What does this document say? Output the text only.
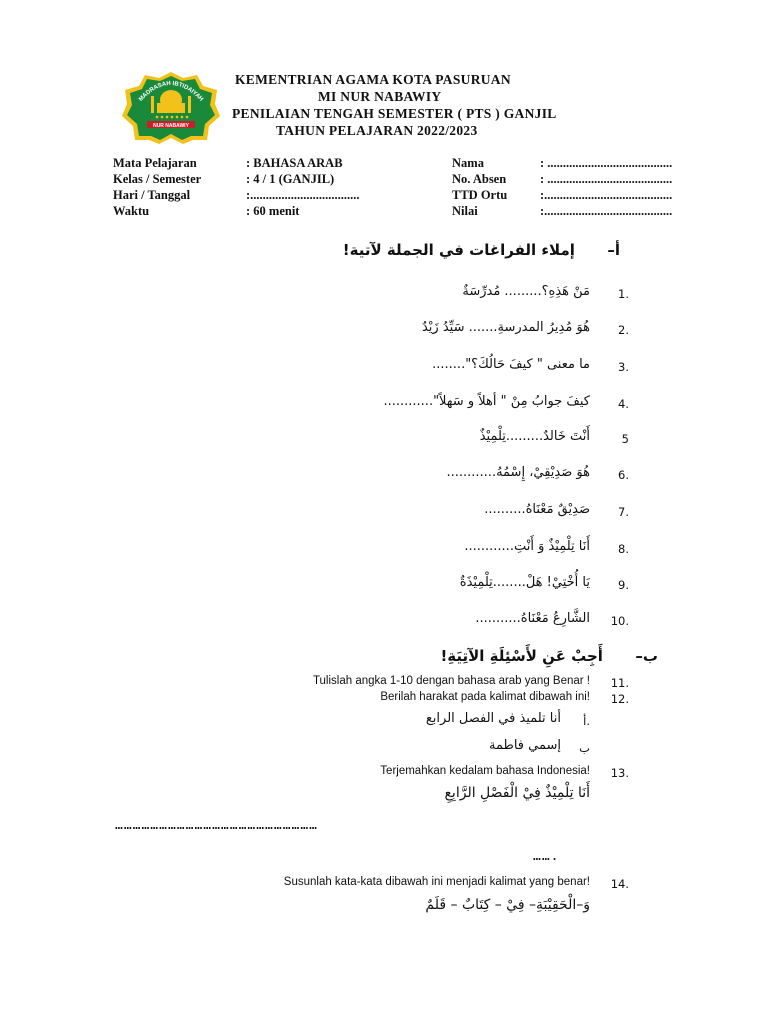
NUR NABAWIY
MADRASAH IBTIDAIYAH
KEMENTRIAN AGAMA KOTA PASURUAN
MI NUR NABAWIY
PENILAIAN TENGAH SEMESTER ( PTS ) GANJIL
TAHUN PELAJARAN 2022/2023
Mata Pelajaran	: BAHASA ARAB
Kelas / Semester	: 4 / 1 (GANJIL)
Hari / Tanggal	:...................................
Waktu	: 60 menit
Nama	: ........................................
No. Absen	: ........................................
TTD Ortu	:.........................................
Nilai	:.........................................
أ–  إملاء الفراغات في الجملة لآتية!
1.
مَنْ هَذِهِ؟......... مُدرِّسَةٌ
2.
هُوَ مُدِيرُ المدرسةِ....... سَيِّدُ زَيْدٌ
3.
ما معنى " كيفَ حَالُكَ؟"........
4.
كيفَ جوابُ مِنْ " أهلاً و سَهلاً"............
5
أَنْتَ خَالدٌ.........تِلْمِيْذٌ
6.
هُوَ صَدِيْقِيْ، إِسْمُهُ............
7.
صَدِيْقٌ مَعْنَاهُ..........
8.
أَنَا تِلْمِيْذٌ وَ أَنْتِ............
9.
يَا أُخْتِيْ! هَلْ........تِلْمِيْذَةٌ
10.
الشَّارِعُ مَعْنَاهُ...........
ب–  أَجِبْ عَنِ لأَسْئِلَةِ الآتِيَةِ!
11.
Tulislah angka 1-10 dengan bahasa arab yang Benar !
12.
Berilah harakat pada kalimat dibawah ini!
أ.
أنا تلميذ في الفصل الرابع
ب
إسمي فاطمة
13.
Terjemahkan kedalam bahasa Indonesia!
أَنَا تِلْمِيْذٌ فِيْ الْفَصْلِ الرَّابِعِ
……………………………………………………………
…….
14.
Susunlah kata-kata dibawah ini menjadi kalimat yang benar!
وَ–الْحَقِيْبَةِ– فِيْ – كِتَابٌ – قَلَمٌ
